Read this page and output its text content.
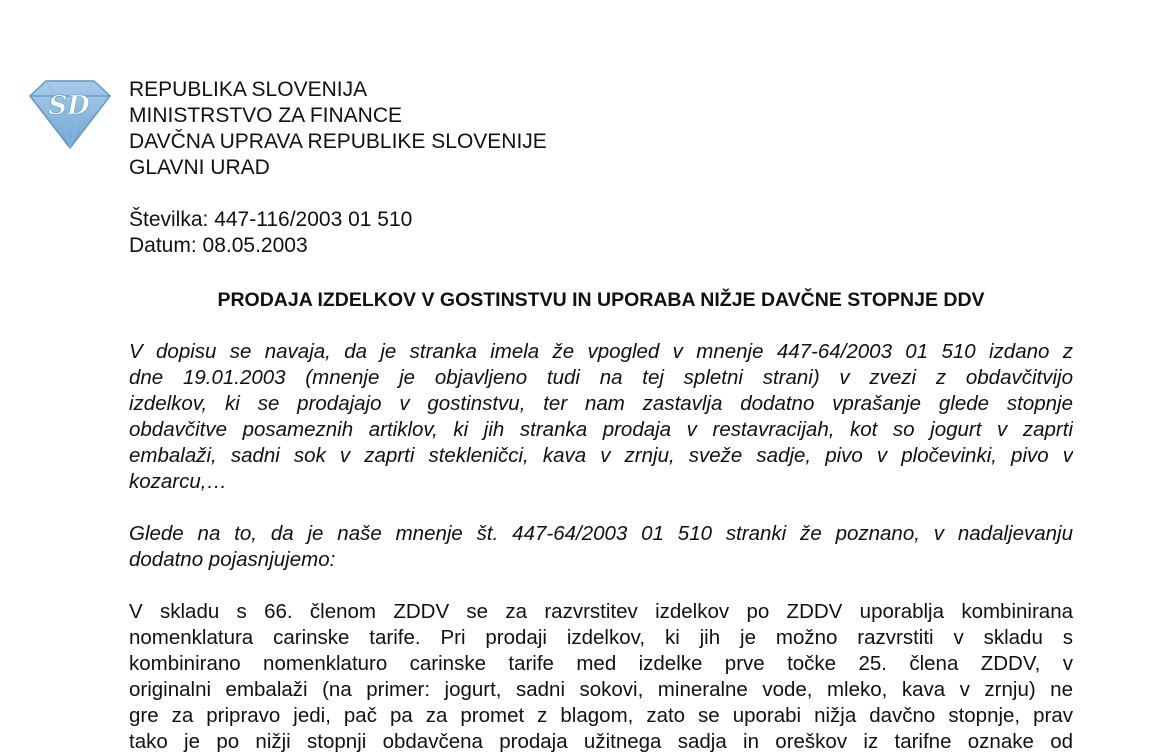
SD
REPUBLIKA SLOVENIJA
MINISTRSTVO ZA FINANCE
DAVČNA UPRAVA REPUBLIKE SLOVENIJE
GLAVNI URAD
Številka: 447-116/2003 01 510
Datum: 08.05.2003
PRODAJA IZDELKOV V GOSTINSTVU IN UPORABA NIŽJE DAVČNE STOPNJE DDV
V dopisu se navaja, da je stranka imela že vpogled v mnenje 447-64/2003 01 510 izdano z
dne 19.01.2003 (mnenje je objavljeno tudi na tej spletni strani) v zvezi z obdavčitvijo
izdelkov, ki se prodajajo v gostinstvu, ter nam zastavlja dodatno vprašanje glede stopnje
obdavčitve posameznih artiklov, ki jih stranka prodaja v restavracijah, kot so jogurt v zaprti
embalaži, sadni sok v zaprti stekleničci, kava v zrnju, sveže sadje, pivo v pločevinki, pivo v
kozarcu,…
Glede na to, da je naše mnenje št. 447-64/2003 01 510 stranki že poznano, v nadaljevanju
dodatno pojasnjujemo:
V skladu s 66. členom ZDDV se za razvrstitev izdelkov po ZDDV uporablja kombinirana
nomenklatura carinske tarife. Pri prodaji izdelkov, ki jih je možno razvrstiti v skladu s
kombinirano nomenklaturo carinske tarife med izdelke prve točke 25. člena ZDDV, v
originalni embalaži (na primer: jogurt, sadni sokovi, mineralne vode, mleko, kava v zrnju) ne
gre za pripravo jedi, pač pa za promet z blagom, zato se uporabi nižja davčno stopnje, prav
tako je po nižji stopnji obdavčena prodaja užitnega sadja in oreškov iz tarifne oznake od
